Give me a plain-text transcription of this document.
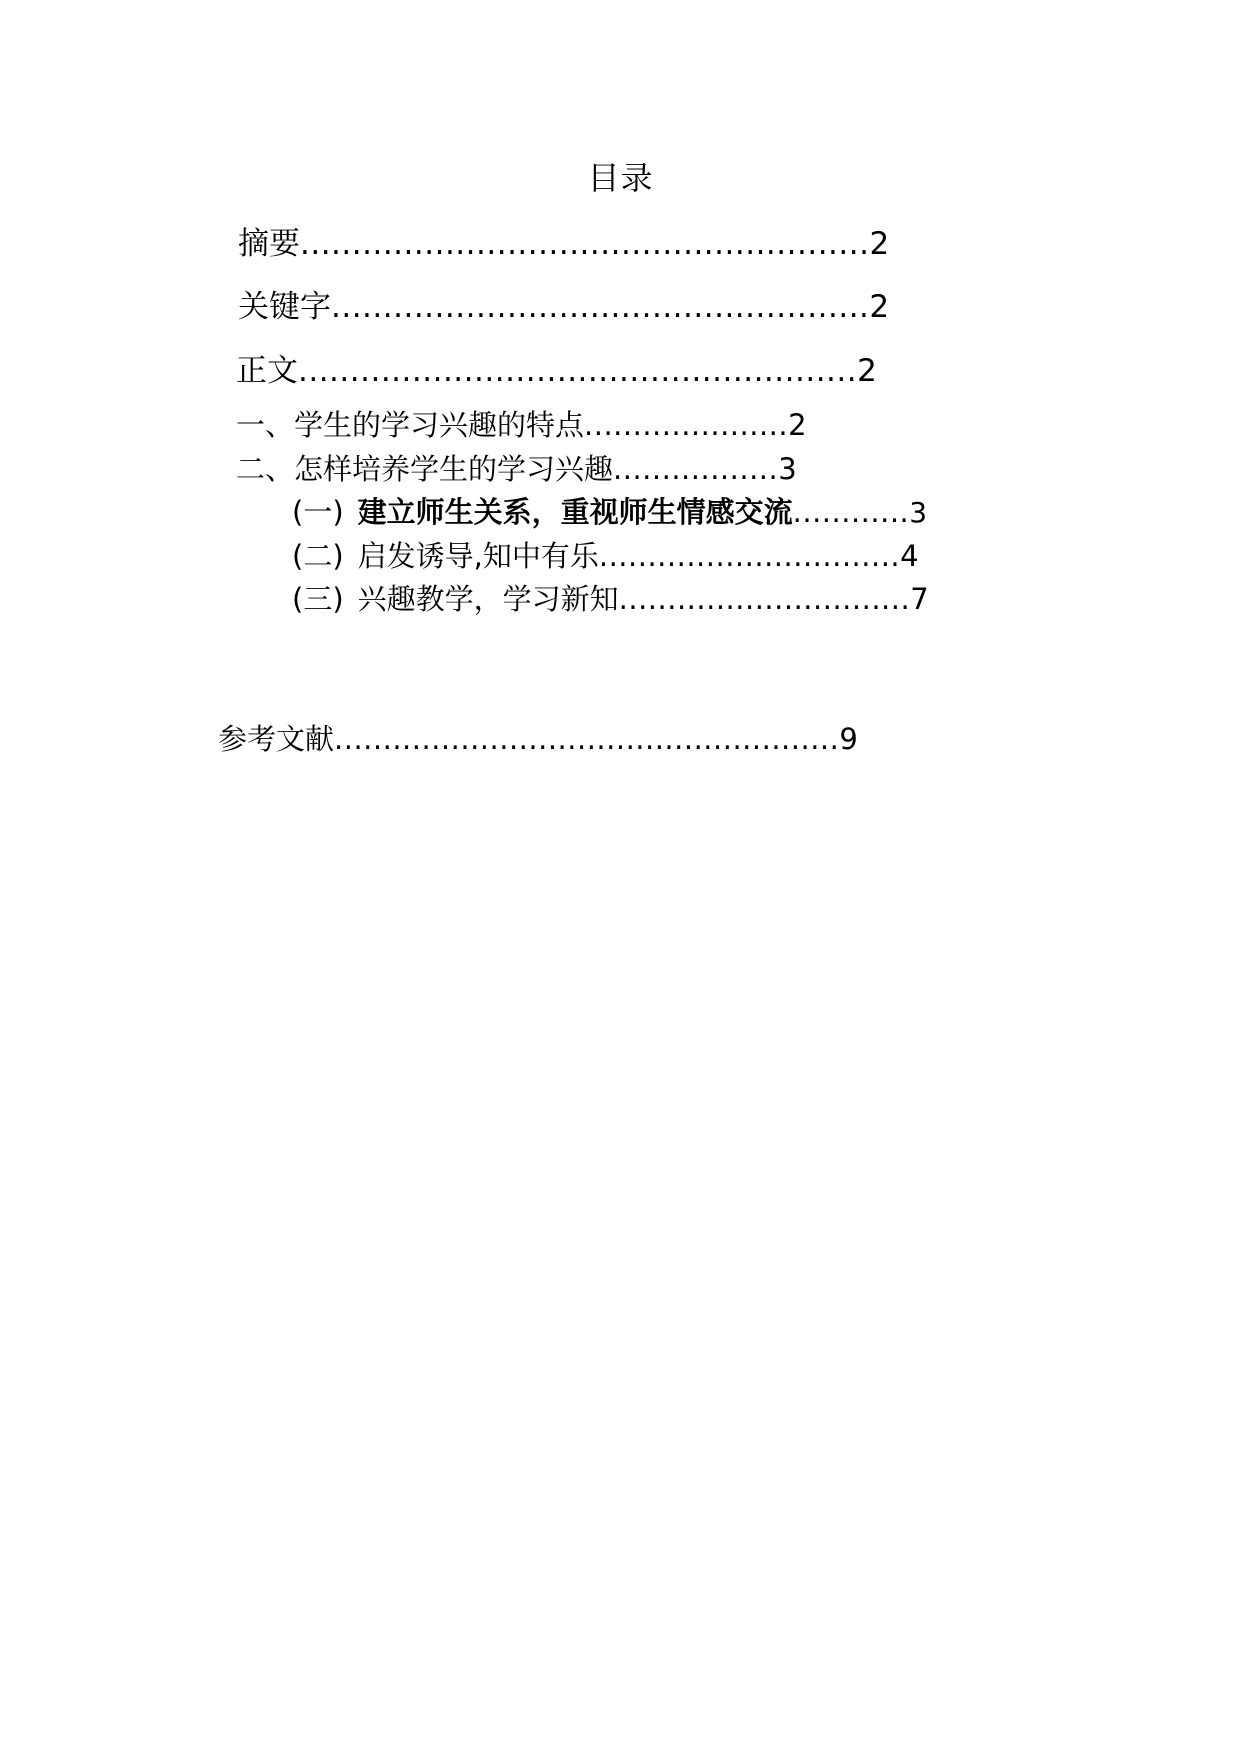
目录
摘要.......................................................2
关键字....................................................2
正文......................................................2
一、学生的学习兴趣的特点.....................2
二、怎样培养学生的学习兴趣.................3
(一) 建立师生关系，重视师生情感交流............3
(二) 启发诱导,知中有乐...............................4
(三) 兴趣教学，学习新知..............................7
参考文献....................................................9
